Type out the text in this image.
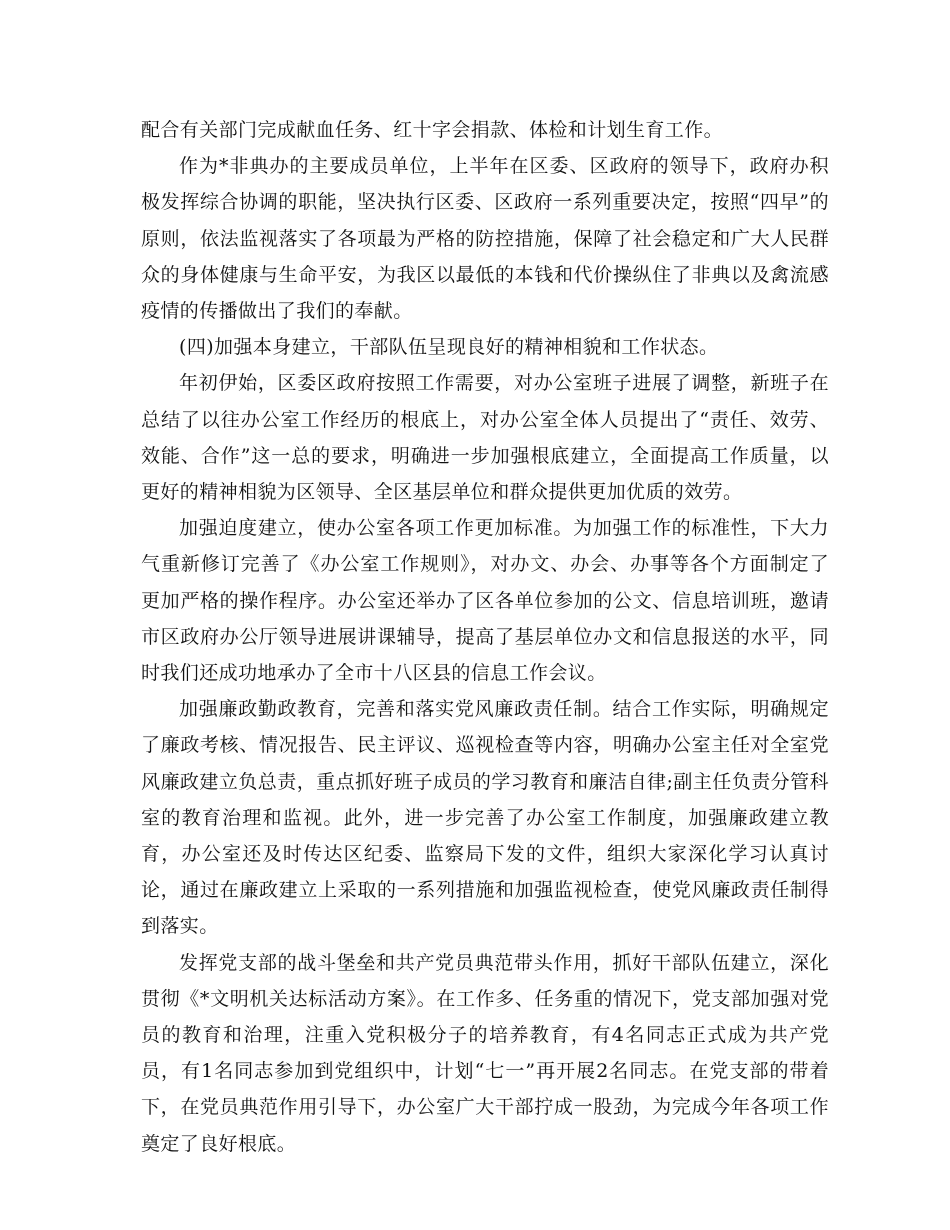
配合有关部门完成献血任务、红十字会捐款、体检和计划生育工作。

作为*非典办的主要成员单位，上半年在区委、区政府的领导下，政府办积极发挥综合协调的职能，坚决执行区委、区政府一系列重要决定，按照“四早”的原则，依法监视落实了各项最为严格的防控措施，保障了社会稳定和广大人民群众的身体健康与生命平安，为我区以最低的本钱和代价操纵住了非典以及禽流感疫情的传播做出了我们的奉献。

(四)加强本身建立，干部队伍呈现良好的精神相貌和工作状态。

年初伊始，区委区政府按照工作需要，对办公室班子进展了调整，新班子在总结了以往办公室工作经历的根底上，对办公室全体人员提出了“责任、效劳、效能、合作”这一总的要求，明确进一步加强根底建立，全面提高工作质量，以更好的精神相貌为区领导、全区基层单位和群众提供更加优质的效劳。

加强迫度建立，使办公室各项工作更加标准。为加强工作的标准性，下大力气重新修订完善了《办公室工作规则》，对办文、办会、办事等各个方面制定了更加严格的操作程序。办公室还举办了区各单位参加的公文、信息培训班，邀请市区政府办公厅领导进展讲课辅导，提高了基层单位办文和信息报送的水平，同时我们还成功地承办了全市十八区县的信息工作会议。

加强廉政勤政教育，完善和落实党风廉政责任制。结合工作实际，明确规定了廉政考核、情况报告、民主评议、巡视检查等内容，明确办公室主任对全室党风廉政建立负总责，重点抓好班子成员的学习教育和廉洁自律;副主任负责分管科室的教育治理和监视。此外，进一步完善了办公室工作制度，加强廉政建立教育，办公室还及时传达区纪委、监察局下发的文件，组织大家深化学习认真讨论，通过在廉政建立上采取的一系列措施和加强监视检查，使党风廉政责任制得到落实。

发挥党支部的战斗堡垒和共产党员典范带头作用，抓好干部队伍建立，深化贯彻《*文明机关达标活动方案》。在工作多、任务重的情况下，党支部加强对党员的教育和治理，注重入党积极分子的培养教育，有4名同志正式成为共产党员，有1名同志参加到党组织中，计划“七一”再开展2名同志。在党支部的带着下，在党员典范作用引导下，办公室广大干部拧成一股劲，为完成今年各项工作奠定了良好根底。
